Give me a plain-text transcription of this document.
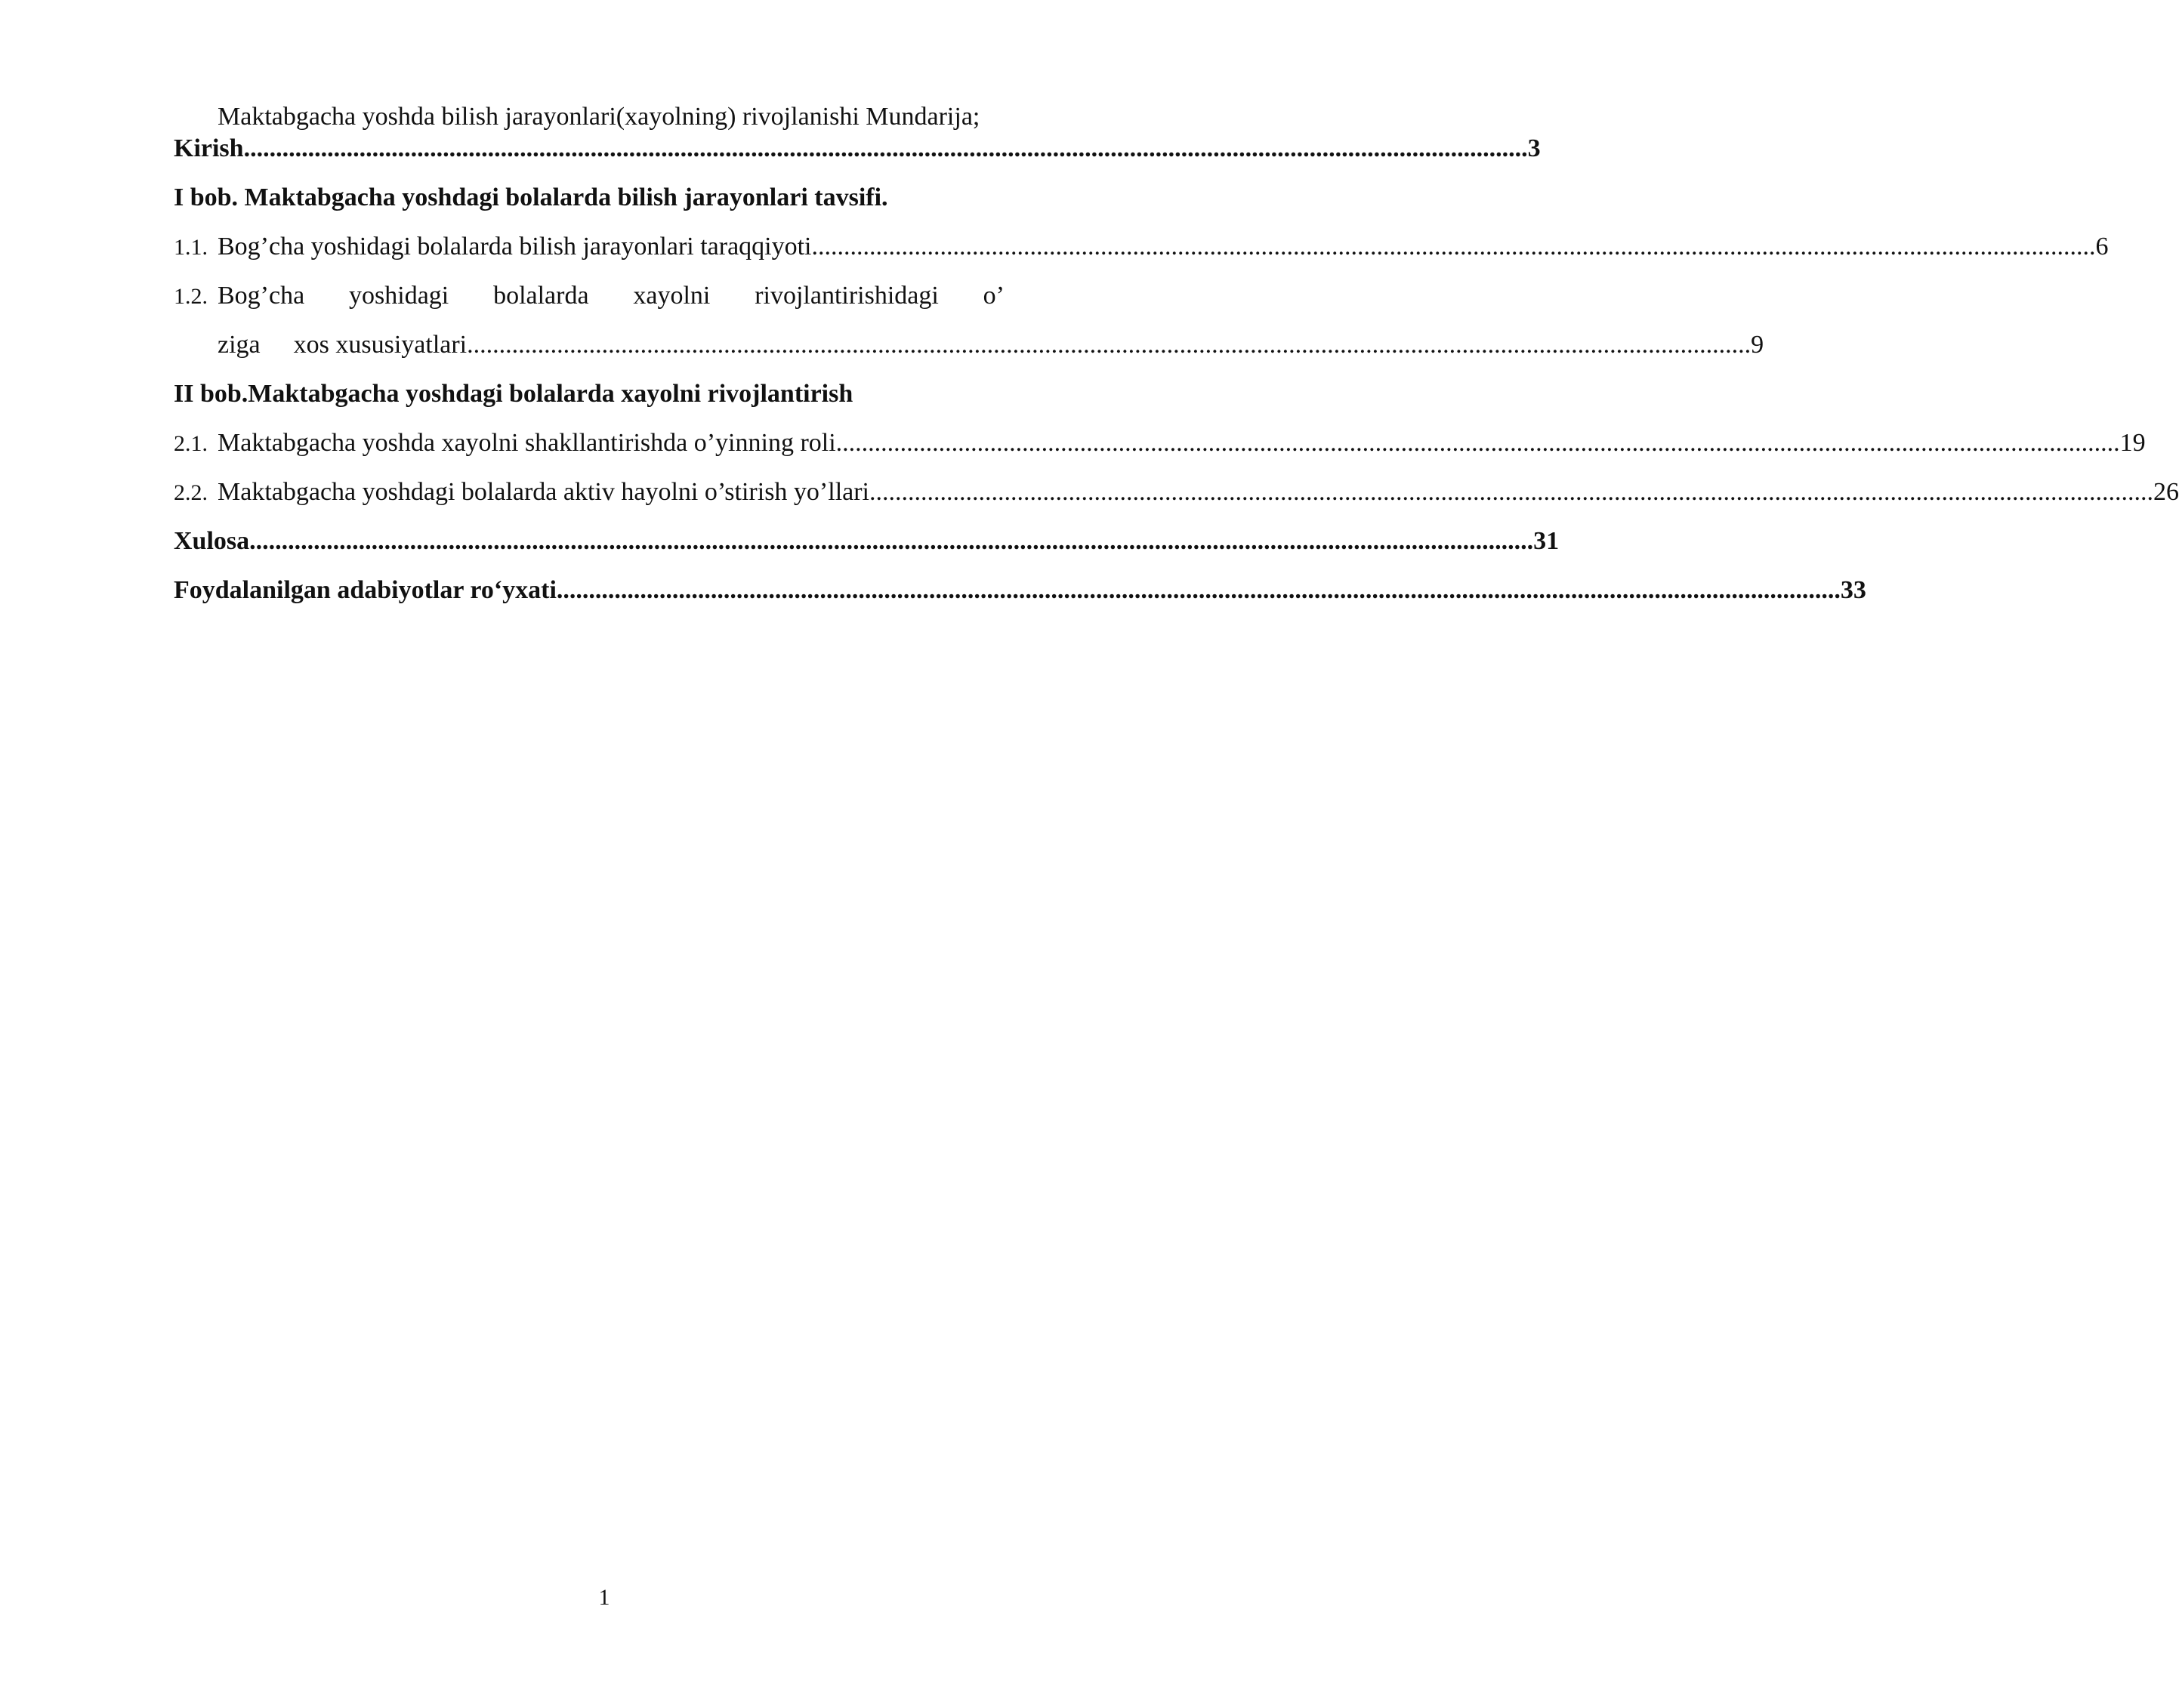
Maktabgacha yoshda bilish jarayonlari(xayolning) rivojlanishi Mundarija;
Kirish ........................................................................................................................................................................................................ 3
I bob. Maktabgacha yoshdagi bolalarda bilish jarayonlari tavsifi.
1.1. Bog’cha yoshidagi bolalarda bilish jarayonlari taraqqiyoti ........................................................................................................................................................................................................ 6
1.2. Bog’cha yoshidagi bolalarda xayolni rivojlantirishidagi o’
ziga xos xususiyatlari ........................................................................................................................................................................................................ 9
II bob.Maktabgacha yoshdagi bolalarda xayolni rivojlantirish
2.1. Maktabgacha yoshda xayolni shakllantirishda o’yinning roli ........................................................................................................................................................................................................ 19
2.2. Maktabgacha yoshdagi bolalarda aktiv hayolni o’stirish yo’llari ........................................................................................................................................................................................................ 26
Xulosa ........................................................................................................................................................................................................ 31
Foydalanilgan adabiyotlar ro‘yxati ........................................................................................................................................................................................................ 33
1
